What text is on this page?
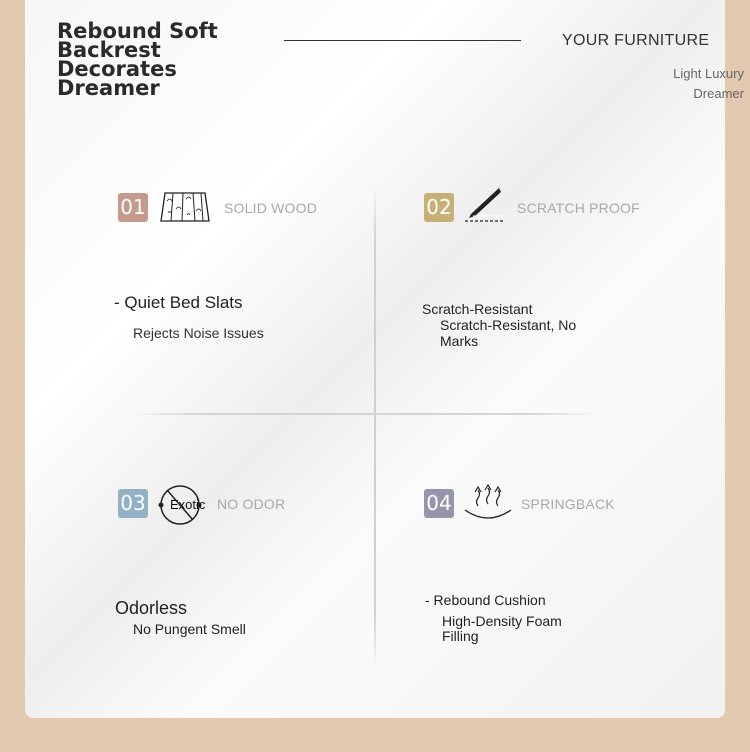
Rebound Soft
Backrest
Decorates
Dreamer
YOUR FURNITURE
Light Luxury Dreamer
01	SOLID WOOD
- Quiet Bed Slats
Rejects Noise Issues
02	SCRATCH PROOF
Scratch-Resistant
Scratch-Resistant, No Marks
03 Exotic NO ODOR
Odorless
No Pungent Smell
04	SPRINGBACK
- Rebound Cushion
High-Density Foam Filling
